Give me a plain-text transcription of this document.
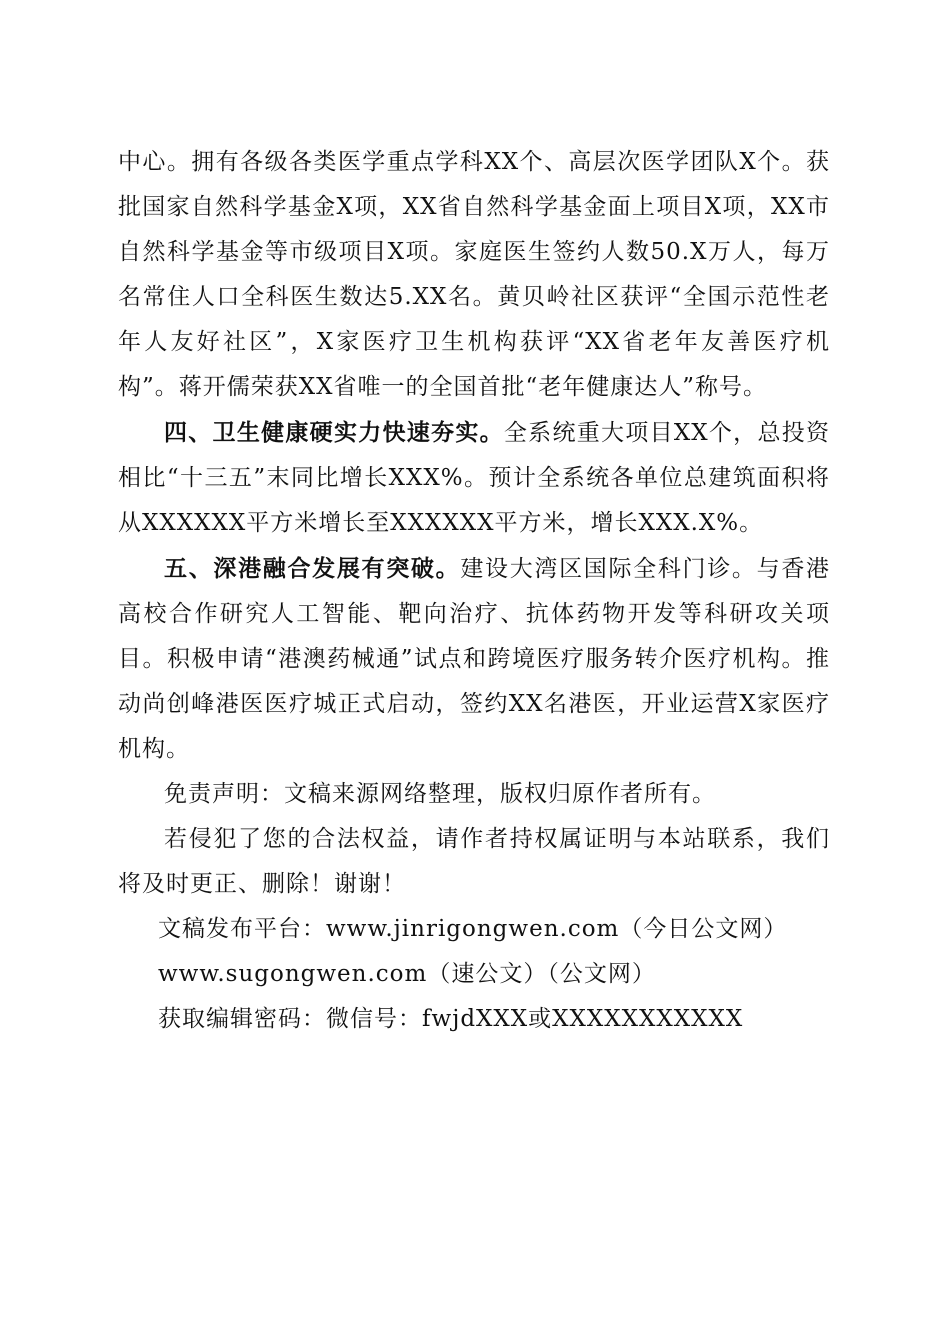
中心。拥有各级各类医学重点学科XX个、高层次医学团队X个。获批国家自然科学基金X项，XX省自然科学基金面上项目X项，XX市自然科学基金等市级项目X项。家庭医生签约人数50.X万人，每万名常住人口全科医生数达5.XX名。黄贝岭社区获评“全国示范性老年人友好社区”，X家医疗卫生机构获评“XX省老年友善医疗机构”。蒋开儒荣获XX省唯一的全国首批“老年健康达人”称号。

四、卫生健康硬实力快速夯实。全系统重大项目XX个，总投资相比“十三五”末同比增长XXX%。预计全系统各单位总建筑面积将从XXXXXX平方米增长至XXXXXX平方米，增长XXX.X%。

五、深港融合发展有突破。建设大湾区国际全科门诊。与香港高校合作研究人工智能、靶向治疗、抗体药物开发等科研攻关项目。积极申请“港澳药械通”试点和跨境医疗服务转介医疗机构。推动尚创峰港医医疗城正式启动，签约XX名港医，开业运营X家医疗机构。

免责声明：文稿来源网络整理，版权归原作者所有。

若侵犯了您的合法权益，请作者持权属证明与本站联系，我们将及时更正、删除！谢谢！

文稿发布平台：www.jinrigongwen.com（今日公文网）
www.sugongwen.com（速公文）（公文网）
获取编辑密码：微信号：fwjdXXX或XXXXXXXXXXX
